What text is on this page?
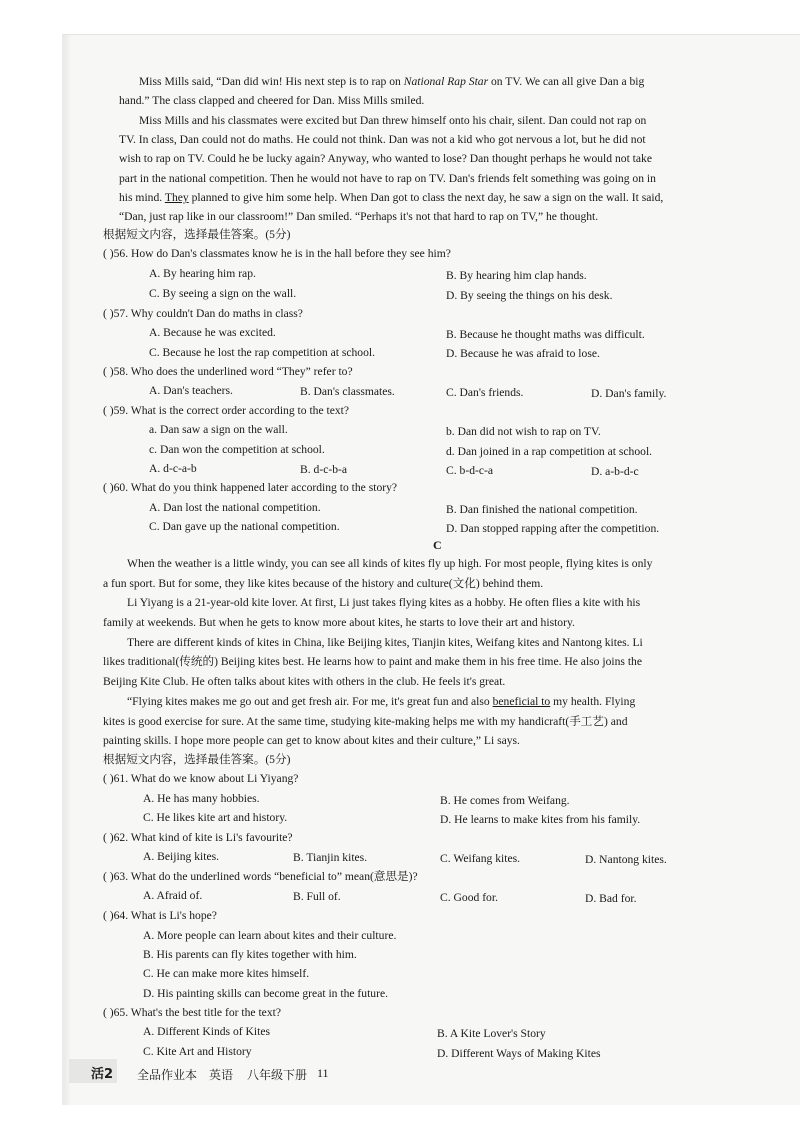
Miss Mills said, “Dan did win! His next step is to rap on National Rap Star on TV. We can all give Dan a big
hand.” The class clapped and cheered for Dan. Miss Mills smiled.
Miss Mills and his classmates were excited but Dan threw himself onto his chair, silent. Dan could not rap on
TV. In class, Dan could not do maths. He could not think. Dan was not a kid who got nervous a lot, but he did not
wish to rap on TV. Could he be lucky again? Anyway, who wanted to lose? Dan thought perhaps he would not take
part in the national competition. Then he would not have to rap on TV. Dan's friends felt something was going on in
his mind. They planned to give him some help. When Dan got to class the next day, he saw a sign on the wall. It said,
“Dan, just rap like in our classroom!” Dan smiled. “Perhaps it's not that hard to rap on TV,” he thought.
根据短文内容，选择最佳答案。(5分)
( )56. How do Dan's classmates know he is in the hall before they see him?
A. By hearing him rap.	B. By hearing him clap hands.
C. By seeing a sign on the wall.	D. By seeing the things on his desk.
( )57. Why couldn't Dan do maths in class?
A. Because he was excited.	B. Because he thought maths was difficult.
C. Because he lost the rap competition at school.	D. Because he was afraid to lose.
( )58. Who does the underlined word “They” refer to?
A. Dan's teachers.	B. Dan's classmates.	C. Dan's friends.	D. Dan's family.
( )59. What is the correct order according to the text?
a. Dan saw a sign on the wall.	b. Dan did not wish to rap on TV.
c. Dan won the competition at school.	d. Dan joined in a rap competition at school.
A. d-c-a-b	B. d-c-b-a	C. b-d-c-a	D. a-b-d-c
( )60. What do you think happened later according to the story?
A. Dan lost the national competition.	B. Dan finished the national competition.
C. Dan gave up the national competition.	D. Dan stopped rapping after the competition.
C
When the weather is a little windy, you can see all kinds of kites fly up high. For most people, flying kites is only
a fun sport. But for some, they like kites because of the history and culture(文化) behind them.
Li Yiyang is a 21-year-old kite lover. At first, Li just takes flying kites as a hobby. He often flies a kite with his
family at weekends. But when he gets to know more about kites, he starts to love their art and history.
There are different kinds of kites in China, like Beijing kites, Tianjin kites, Weifang kites and Nantong kites. Li
likes traditional(传统的) Beijing kites best. He learns how to paint and make them in his free time. He also joins the
Beijing Kite Club. He often talks about kites with others in the club. He feels it's great.
“Flying kites makes me go out and get fresh air. For me, it's great fun and also beneficial to my health. Flying
kites is good exercise for sure. At the same time, studying kite-making helps me with my handicraft(手工艺) and
painting skills. I hope more people can get to know about kites and their culture,” Li says.
根据短文内容，选择最佳答案。(5分)
( )61. What do we know about Li Yiyang?
A. He has many hobbies.	B. He comes from Weifang.
C. He likes kite art and history.	D. He learns to make kites from his family.
( )62. What kind of kite is Li's favourite?
A. Beijing kites.	B. Tianjin kites.	C. Weifang kites.	D. Nantong kites.
( )63. What do the underlined words “beneficial to” mean(意思是)?
A. Afraid of.	B. Full of.	C. Good for.	D. Bad for.
( )64. What is Li's hope?
A. More people can learn about kites and their culture.
B. His parents can fly kites together with him.
C. He can make more kites himself.
D. His painting skills can become great in the future.
( )65. What's the best title for the text?
A. Different Kinds of Kites	B. A Kite Lover's Story
C. Kite Art and History	D. Different Ways of Making Kites
活2 全品作业本 英语 八年级下册 11
